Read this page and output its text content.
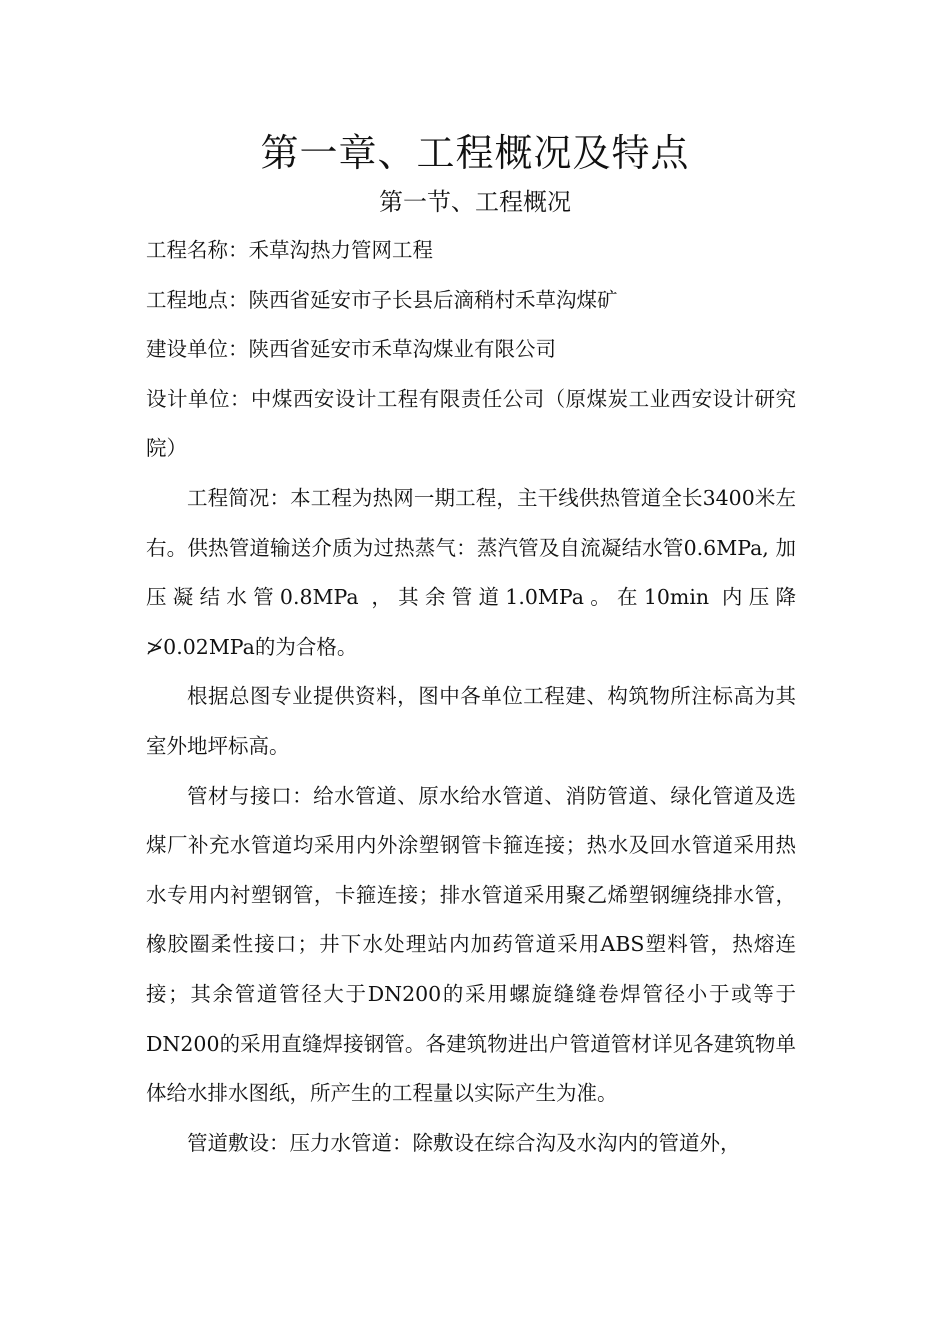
第一章、工程概况及特点
第一节、工程概况

工程名称：禾草沟热力管网工程

工程地点：陕西省延安市子长县后滴稍村禾草沟煤矿

建设单位：陕西省延安市禾草沟煤业有限公司

设计单位：中煤西安设计工程有限责任公司（原煤炭工业西安设计研究院）

工程简况：本工程为热网一期工程，主干线供热管道全长3400米左右。供热管道输送介质为过热蒸气：蒸汽管及自流凝结水管0.6MPa, 加压凝结水管0.8MPa ，其余管道1.0MPa。在10min 内压降≯0.02MPa的为合格。

根据总图专业提供资料，图中各单位工程建、构筑物所注标高为其室外地坪标高。

管材与接口：给水管道、原水给水管道、消防管道、绿化管道及选煤厂补充水管道均采用内外涂塑钢管卡箍连接；热水及回水管道采用热水专用内衬塑钢管，卡箍连接；排水管道采用聚乙烯塑钢缠绕排水管，橡胶圈柔性接口；井下水处理站内加药管道采用ABS塑料管，热熔连接；其余管道管径大于DN200的采用螺旋缝缝卷焊管径小于或等于DN200的采用直缝焊接钢管。各建筑物进出户管道管材详见各建筑物单体给水排水图纸，所产生的工程量以实际产生为准。

管道敷设：压力水管道：除敷设在综合沟及水沟内的管道外，
